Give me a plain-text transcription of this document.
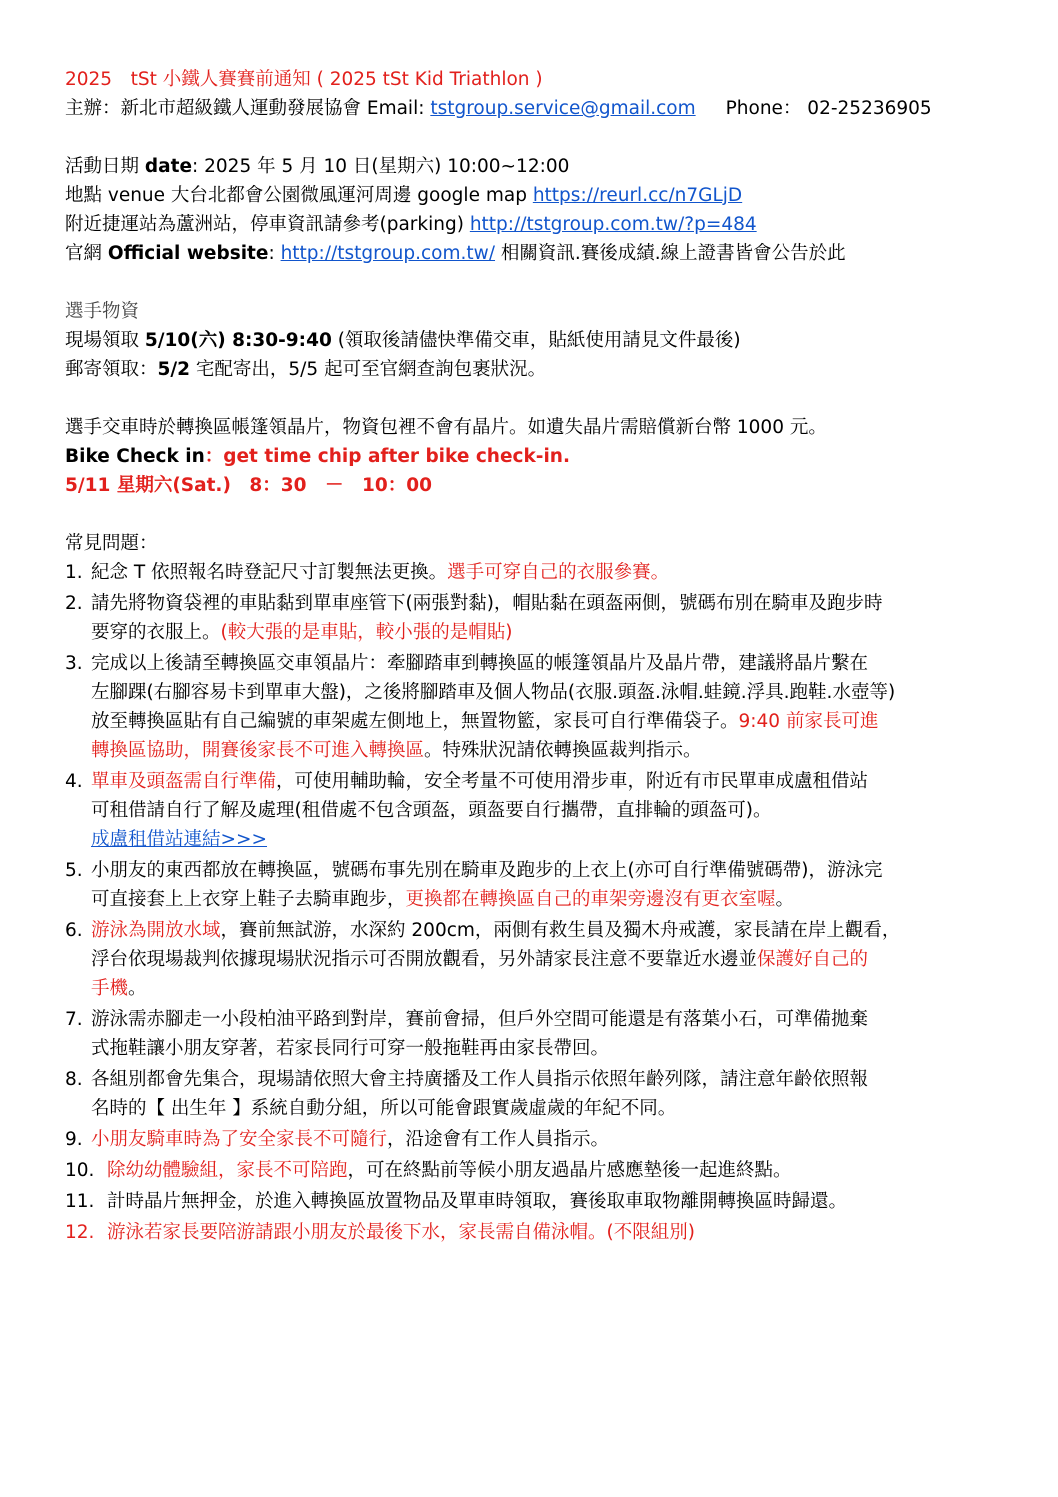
2025　tSt 小鐵人賽賽前通知 ( 2025 tSt Kid Triathlon )

主辦：新北市超級鐵人運動發展協會 Email: tstgroup.service@gmail.com Phone： 02-25236905

活動日期 date: 2025 年 5 月 10 日(星期六) 10:00~12:00

地點 venue 大台北都會公園微風運河周邊 google map https://reurl.cc/n7GLjD

附近捷運站為蘆洲站，停車資訊請參考(parking) http://tstgroup.com.tw/?p=484

官網 Official website: http://tstgroup.com.tw/ 相關資訊.賽後成績.線上證書皆會公告於此

選手物資

現場領取 5/10(六) 8:30-9:40 (領取後請儘快準備交車，貼紙使用請見文件最後)

郵寄領取：5/2 宅配寄出，5/5 起可至官網查詢包裹狀況。

選手交車時於轉換區帳篷領晶片，物資包裡不會有晶片。如遺失晶片需賠償新台幣 1000 元。

Bike Check in：get time chip after bike check-in.

5/11 星期六(Sat.)　8：30　－　10：00

常見問題：

1. 紀念 T 依照報名時登記尺寸訂製無法更換。選手可穿自己的衣服參賽。
2. 請先將物資袋裡的車貼黏到單車座管下(兩張對黏)，帽貼黏在頭盔兩側，號碼布別在騎車及跑步時
要穿的衣服上。(較大張的是車貼，較小張的是帽貼)
3. 完成以上後請至轉換區交車領晶片：牽腳踏車到轉換區的帳篷領晶片及晶片帶，建議將晶片繫在
左腳踝(右腳容易卡到單車大盤)，之後將腳踏車及個人物品(衣服.頭盔.泳帽.蛙鏡.浮具.跑鞋.水壺等)
放至轉換區貼有自己編號的車架處左側地上，無置物籃，家長可自行準備袋子。9:40 前家長可進
轉換區協助，開賽後家長不可進入轉換區。特殊狀況請依轉換區裁判指示。
4. 單車及頭盔需自行準備，可使用輔助輪，安全考量不可使用滑步車，附近有市民單車成盧租借站
可租借請自行了解及處理(租借處不包含頭盔，頭盔要自行攜帶，直排輪的頭盔可)。
成盧租借站連結>>>
5. 小朋友的東西都放在轉換區，號碼布事先別在騎車及跑步的上衣上(亦可自行準備號碼帶)，游泳完
可直接套上上衣穿上鞋子去騎車跑步，更換都在轉換區自己的車架旁邊沒有更衣室喔。
6. 游泳為開放水域，賽前無試游，水深約 200cm，兩側有救生員及獨木舟戒護，家長請在岸上觀看，
浮台依現場裁判依據現場狀況指示可否開放觀看，另外請家長注意不要靠近水邊並保護好自己的
手機。
7. 游泳需赤腳走一小段柏油平路到對岸，賽前會掃，但戶外空間可能還是有落葉小石，可準備拋棄
式拖鞋讓小朋友穿著，若家長同行可穿一般拖鞋再由家長帶回。
8. 各組別都會先集合，現場請依照大會主持廣播及工作人員指示依照年齡列隊，請注意年齡依照報
名時的【 出生年 】系統自動分組，所以可能會跟實歲虛歲的年紀不同。
9. 小朋友騎車時為了安全家長不可隨行，沿途會有工作人員指示。
10. 除幼幼體驗組，家長不可陪跑，可在終點前等候小朋友過晶片感應墊後一起進終點。
11. 計時晶片無押金，於進入轉換區放置物品及單車時領取，賽後取車取物離開轉換區時歸還。
12. 游泳若家長要陪游請跟小朋友於最後下水，家長需自備泳帽。(不限組別)
